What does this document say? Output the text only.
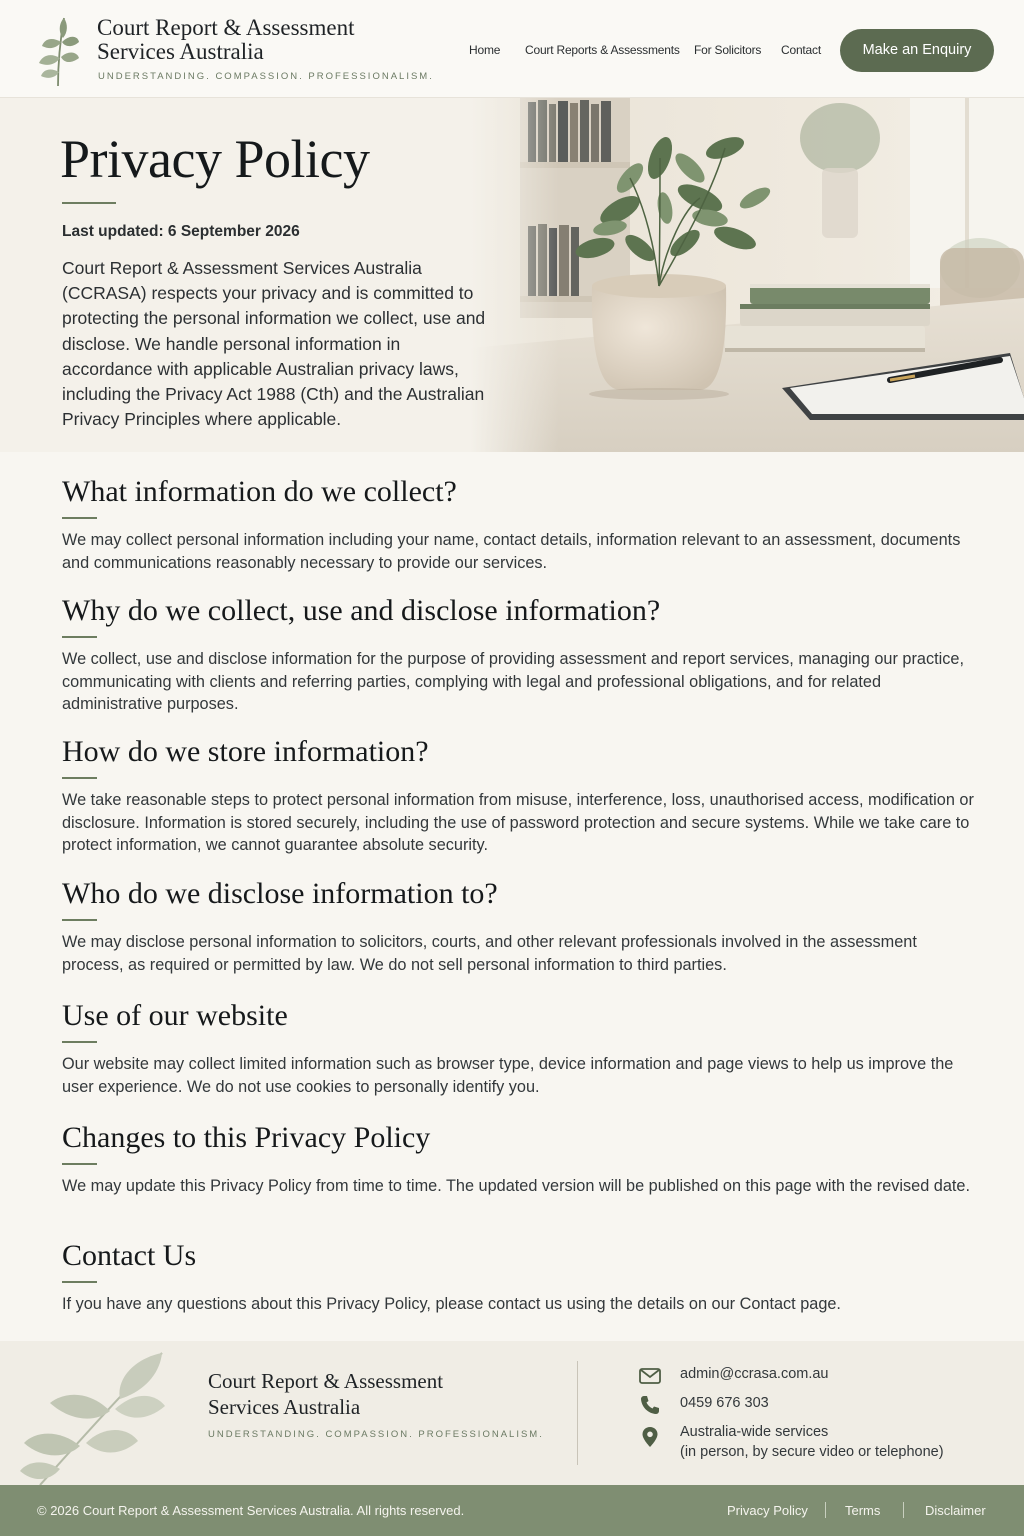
Court Report & Assessment
Services Australia
UNDERSTANDING. COMPASSION. PROFESSIONALISM.
Home Court Reports & Assessments For Solicitors Contact	Make an Enquiry
Privacy Policy
Last updated: 6 September 2026
Court Report & Assessment Services Australia (CCRASA) respects your privacy and is committed to protecting the personal information we collect, use and disclose. We handle personal information in accordance with applicable Australian privacy laws, including the Privacy Act 1988 (Cth) and the Australian Privacy Principles where applicable.
What information do we collect?

We may collect personal information including your name, contact details, information relevant to an assessment, documents and communications reasonably necessary to provide our services.

Why do we collect, use and disclose information?

We collect, use and disclose information for the purpose of providing assessment and report services, managing our practice, communicating with clients and referring parties, complying with legal and professional obligations, and for related administrative purposes.

How do we store information?

We take reasonable steps to protect personal information from misuse, interference, loss, unauthorised access, modification or disclosure. Information is stored securely, including the use of password protection and secure systems. While we take care to protect information, we cannot guarantee absolute security.

Who do we disclose information to?

We may disclose personal information to solicitors, courts, and other relevant professionals involved in the assessment process, as required or permitted by law. We do not sell personal information to third parties.

Use of our website

Our website may collect limited information such as browser type, device information and page views to help us improve the user experience. We do not use cookies to personally identify you.

Changes to this Privacy Policy

We may update this Privacy Policy from time to time. The updated version will be published on this page with the revised date.

Contact Us

If you have any questions about this Privacy Policy, please contact us using the details on our Contact page.

Court Report & Assessment
Services Australia
UNDERSTANDING. COMPASSION. PROFESSIONALISM.
admin@ccrasa.com.au
0459 676 303
Australia-wide services
(in person, by secure video or telephone)
© 2026 Court Report & Assessment Services Australia. All rights reserved.	Privacy Policy	Terms	Disclaimer
